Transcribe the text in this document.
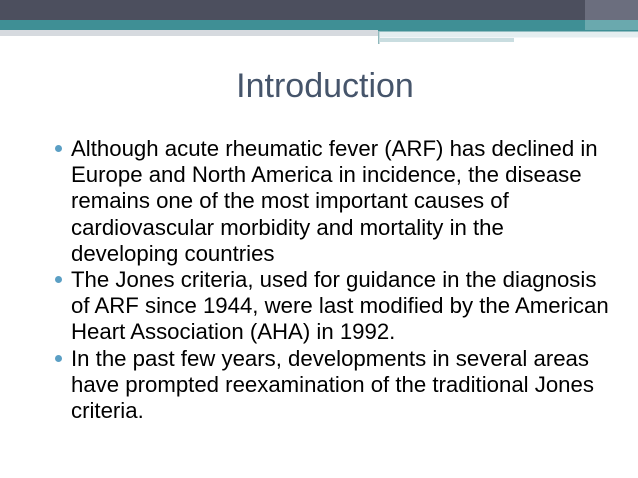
Introduction
Although acute rheumatic fever (ARF) has declined in Europe and North America in incidence, the disease remains one of the most important causes of cardiovascular morbidity and mortality in the developing countries
The Jones criteria, used for guidance in the diagnosis of ARF since 1944, were last modified by the American Heart Association (AHA) in 1992.
In the past few years, developments in several areas have prompted reexamination of the traditional Jones criteria.
